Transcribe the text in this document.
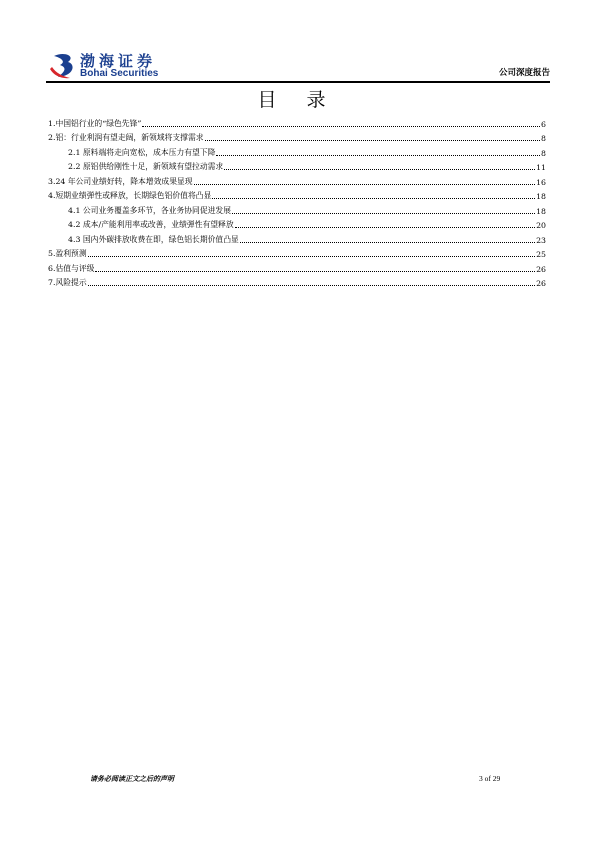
渤海证券
Bohai Securities	公司深度报告
目 录
1.中国铝行业的“绿色先锋”	6
2.铝：行业利润有望走阔，新领域将支撑需求	8
2.1 原料端将走向宽松，成本压力有望下降	8
2.2 原铝供给刚性十足，新领域有望拉动需求	11
3.24 年公司业绩好转，降本增效成果显现	16
4.短期业绩弹性或释放，长期绿色铝价值将凸显	18
4.1 公司业务覆盖多环节，各业务协同促进发展	18
4.2 成本/产能利用率或改善，业绩弹性有望释放	20
4.3 国内外碳排放收费在即，绿色铝长期价值凸显	23
5.盈利预测	25
6.估值与评级	26
7.风险提示	26
请务必阅读正文之后的声明	3 of 29
